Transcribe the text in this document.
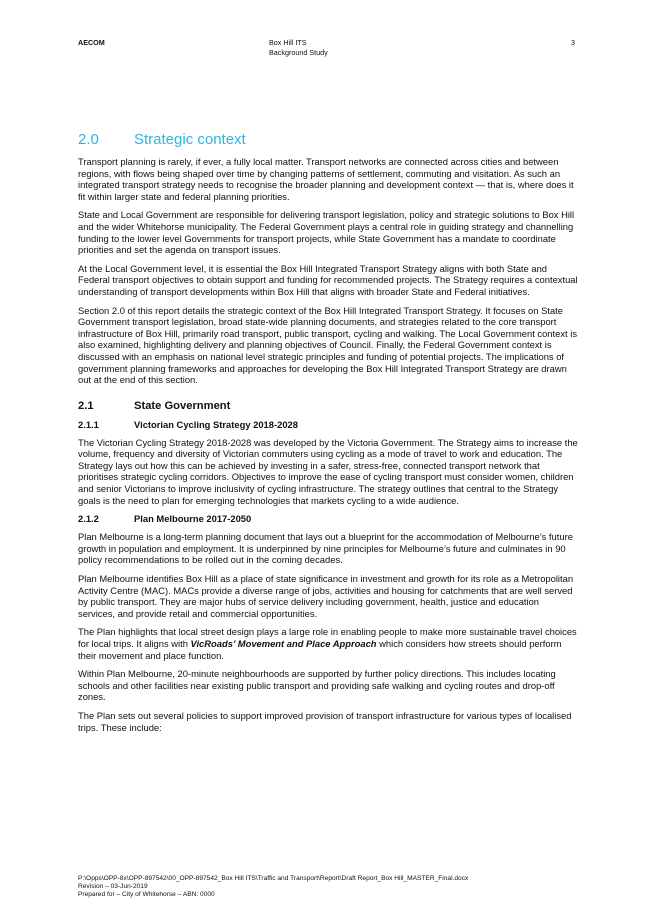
AECOM	Box Hill ITS
Background Study
3
2.0 Strategic context

Transport planning is rarely, if ever, a fully local matter. Transport networks are connected across cities and between regions, with flows being shaped over time by changing patterns of settlement, commuting and visitation. As such an integrated transport strategy needs to recognise the broader planning and development context — that is, where does it fit within larger state and federal planning priorities.

State and Local Government are responsible for delivering transport legislation, policy and strategic solutions to Box Hill and the wider Whitehorse municipality. The Federal Government plays a central role in guiding strategy and channelling funding to the lower level Governments for transport projects, while State Government has a mandate to coordinate priorities and set the agenda on transport issues.

At the Local Government level, it is essential the Box Hill Integrated Transport Strategy aligns with both State and Federal transport objectives to obtain support and funding for recommended projects. The Strategy requires a contextual understanding of transport developments within Box Hill that aligns with broader State and Federal initiatives.

Section 2.0 of this report details the strategic context of the Box Hill Integrated Transport Strategy. It focuses on State Government transport legislation, broad state-wide planning documents, and strategies related to the core transport infrastructure of Box Hill, primarily road transport, public transport, cycling and walking. The Local Government context is also examined, highlighting delivery and planning objectives of Council. Finally, the Federal Government context is discussed with an emphasis on national level strategic principles and funding of potential projects. The implications of government planning frameworks and approaches for developing the Box Hill Integrated Transport Strategy are drawn out at the end of this section.

2.1	State Government
2.1.1	Victorian Cycling Strategy 2018-2028

The Victorian Cycling Strategy 2018-2028 was developed by the Victoria Government. The Strategy aims to increase the volume, frequency and diversity of Victorian commuters using cycling as a mode of travel to work and education. The Strategy lays out how this can be achieved by investing in a safer, stress-free, connected transport network that prioritises strategic cycling corridors. Objectives to improve the ease of cycling transport must consider women, children and senior Victorians to improve inclusivity of cycling infrastructure. The strategy outlines that central to the Strategy goals is the need to plan for emerging technologies that markets cycling to a wide audience.

2.1.2	Plan Melbourne 2017-2050

Plan Melbourne is a long-term planning document that lays out a blueprint for the accommodation of Melbourne’s future growth in population and employment. It is underpinned by nine principles for Melbourne’s future and culminates in 90 policy recommendations to be rolled out in the coming decades.

Plan Melbourne identifies Box Hill as a place of state significance in investment and growth for its role as a Metropolitan Activity Centre (MAC). MACs provide a diverse range of jobs, activities and housing for catchments that are well served by public transport. They are major hubs of service delivery including government, health, justice and education services, and provide retail and commercial opportunities.

The Plan highlights that local street design plays a large role in enabling people to make more sustainable travel choices for local trips. It aligns with VicRoads’ Movement and Place Approach which considers how streets should perform their movement and place function.

Within Plan Melbourne, 20-minute neighbourhoods are supported by further policy directions. This includes locating schools and other facilities near existing public transport and providing safe walking and cycling routes and drop-off zones.

The Plan sets out several policies to support improved provision of transport infrastructure for various types of localised trips. These include:

P:\Opps\OPP-8x\OPP-897542\00_OPP-897542_Box Hill ITS\Traffic and Transport\Report\Draft Report_Box Hill_MASTER_Final.docx
Revision – 03-Jun-2019
Prepared for – City of Whitehorse – ABN: 0000
